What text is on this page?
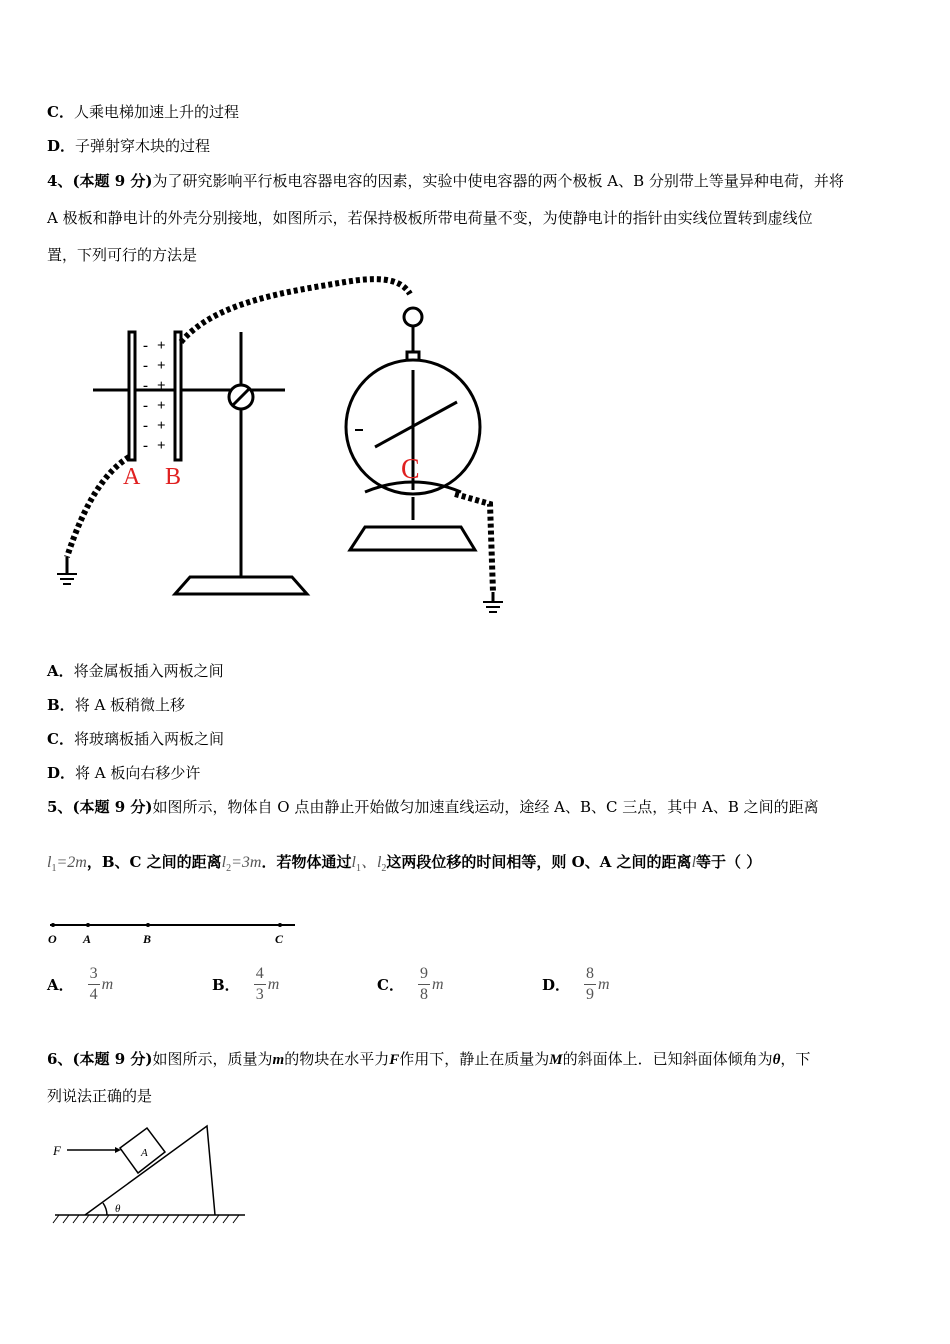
C．人乘电梯加速上升的过程
D．子弹射穿木块的过程
4、(本题 9 分)为了研究影响平行板电容器电容的因素，实验中使电容器的两个极板 A、B 分别带上等量异种电荷，并将
A 极板和静电计的外壳分别接地，如图所示，若保持极板所带电荷量不变，为使静电计的指针由实线位置转到虚线位
置，下列可行的方法是
-
-
-
-
-
-
+
+
+
+
+
+
A B	C
A．将金属板插入两板之间
B．将 A 板稍微上移
C．将玻璃板插入两板之间
D．将 A 板向右移少许
5、(本题 9 分)如图所示，物体自 O 点由静止开始做匀加速直线运动，途经 A、B、C 三点，其中 A、B 之间的距离
$l_1=2m$，B、C 之间的距离$l_2=3m$．若物体通过$l_1$、$l_2$这两段位移的时间相等，则 O、A 之间的距离l等于（ ）
O A	B	C
A． $\frac{3}{4}$ m	B． $\frac{4}{3}$ m	C． $\frac{9}{8}$ m	D． $\frac{8}{9}$ m
6、(本题 9 分)如图所示，质量为m的物块在水平力F作用下，静止在质量为M的斜面体上．已知斜面体倾角为θ，下
列说法正确的是
F	A
θ
